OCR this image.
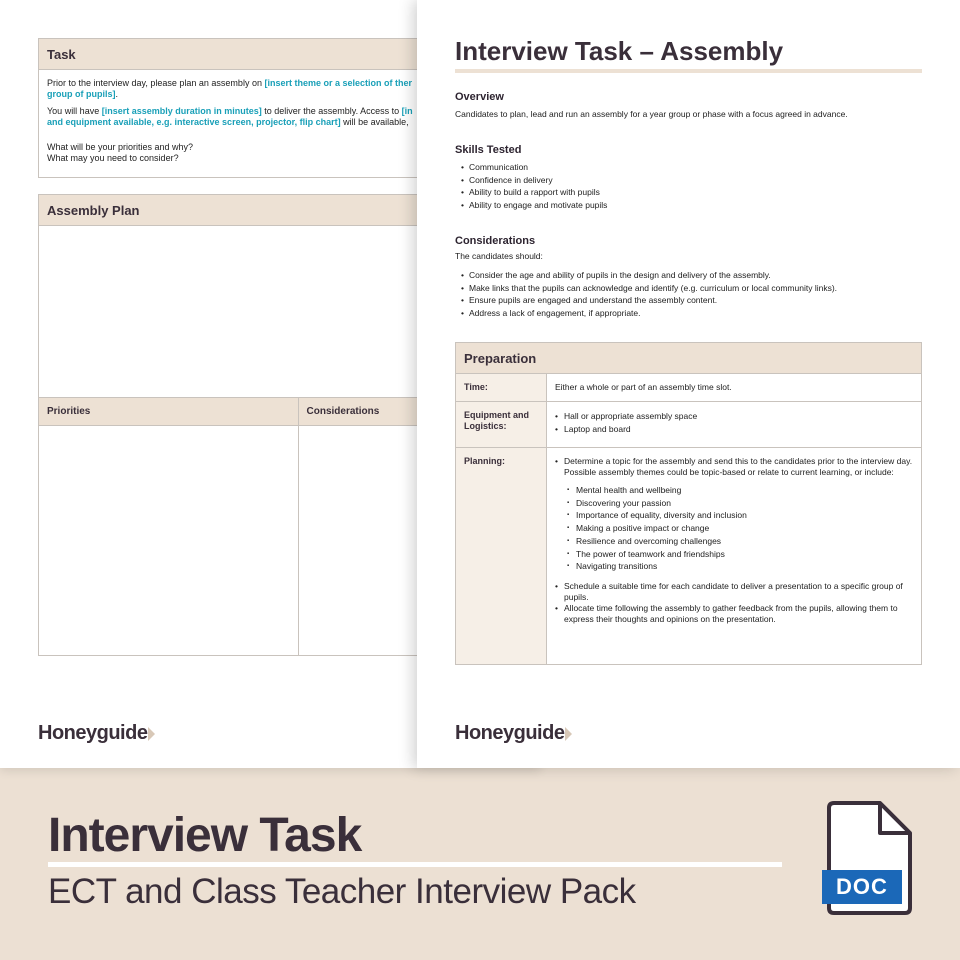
Task

Prior to the interview day, please plan an assembly on [insert theme or a selection of ther
group of pupils].

You will have [insert assembly duration in minutes] to deliver the assembly. Access to [in
and equipment available, e.g. interactive screen, projector, flip chart] will be available,

What will be your priorities and why?
What may you need to consider?

Assembly Plan
Priorities	Considerations
Honeyguide
Interview Task – Assembly
Overview
Candidates to plan, lead and run an assembly for a year group or phase with a focus agreed in advance.
Skills Tested
• Communication
• Confidence in delivery
• Ability to build a rapport with pupils
• Ability to engage and motivate pupils
Considerations
The candidates should:
• Consider the age and ability of pupils in the design and delivery of the assembly.
• Make links that the pupils can acknowledge and identify (e.g. curriculum or local community links).
• Ensure pupils are engaged and understand the assembly content.
• Address a lack of engagement, if appropriate.
Preparation
Time:	Either a whole or part of an assembly time slot.
Equipment and Logistics:
• Hall or appropriate assembly space
• Laptop and board
Planning:
•	Determine a topic for the assembly and send this to the candidates prior to the interview day. Possible assembly themes could be topic-based or relate to current learning, or include:
▪ Mental health and wellbeing
▪ Discovering your passion
▪ Importance of equality, diversity and inclusion
▪ Making a positive impact or change
▪ Resilience and overcoming challenges
▪ The power of teamwork and friendships
▪ Navigating transitions
• Schedule a suitable time for each candidate to deliver a presentation to a specific group of pupils.
• Allocate time following the assembly to gather feedback from the pupils, allowing them to express their thoughts and opinions on the presentation.
Honeyguide
Interview Task
ECT and Class Teacher Interview Pack	DOC
